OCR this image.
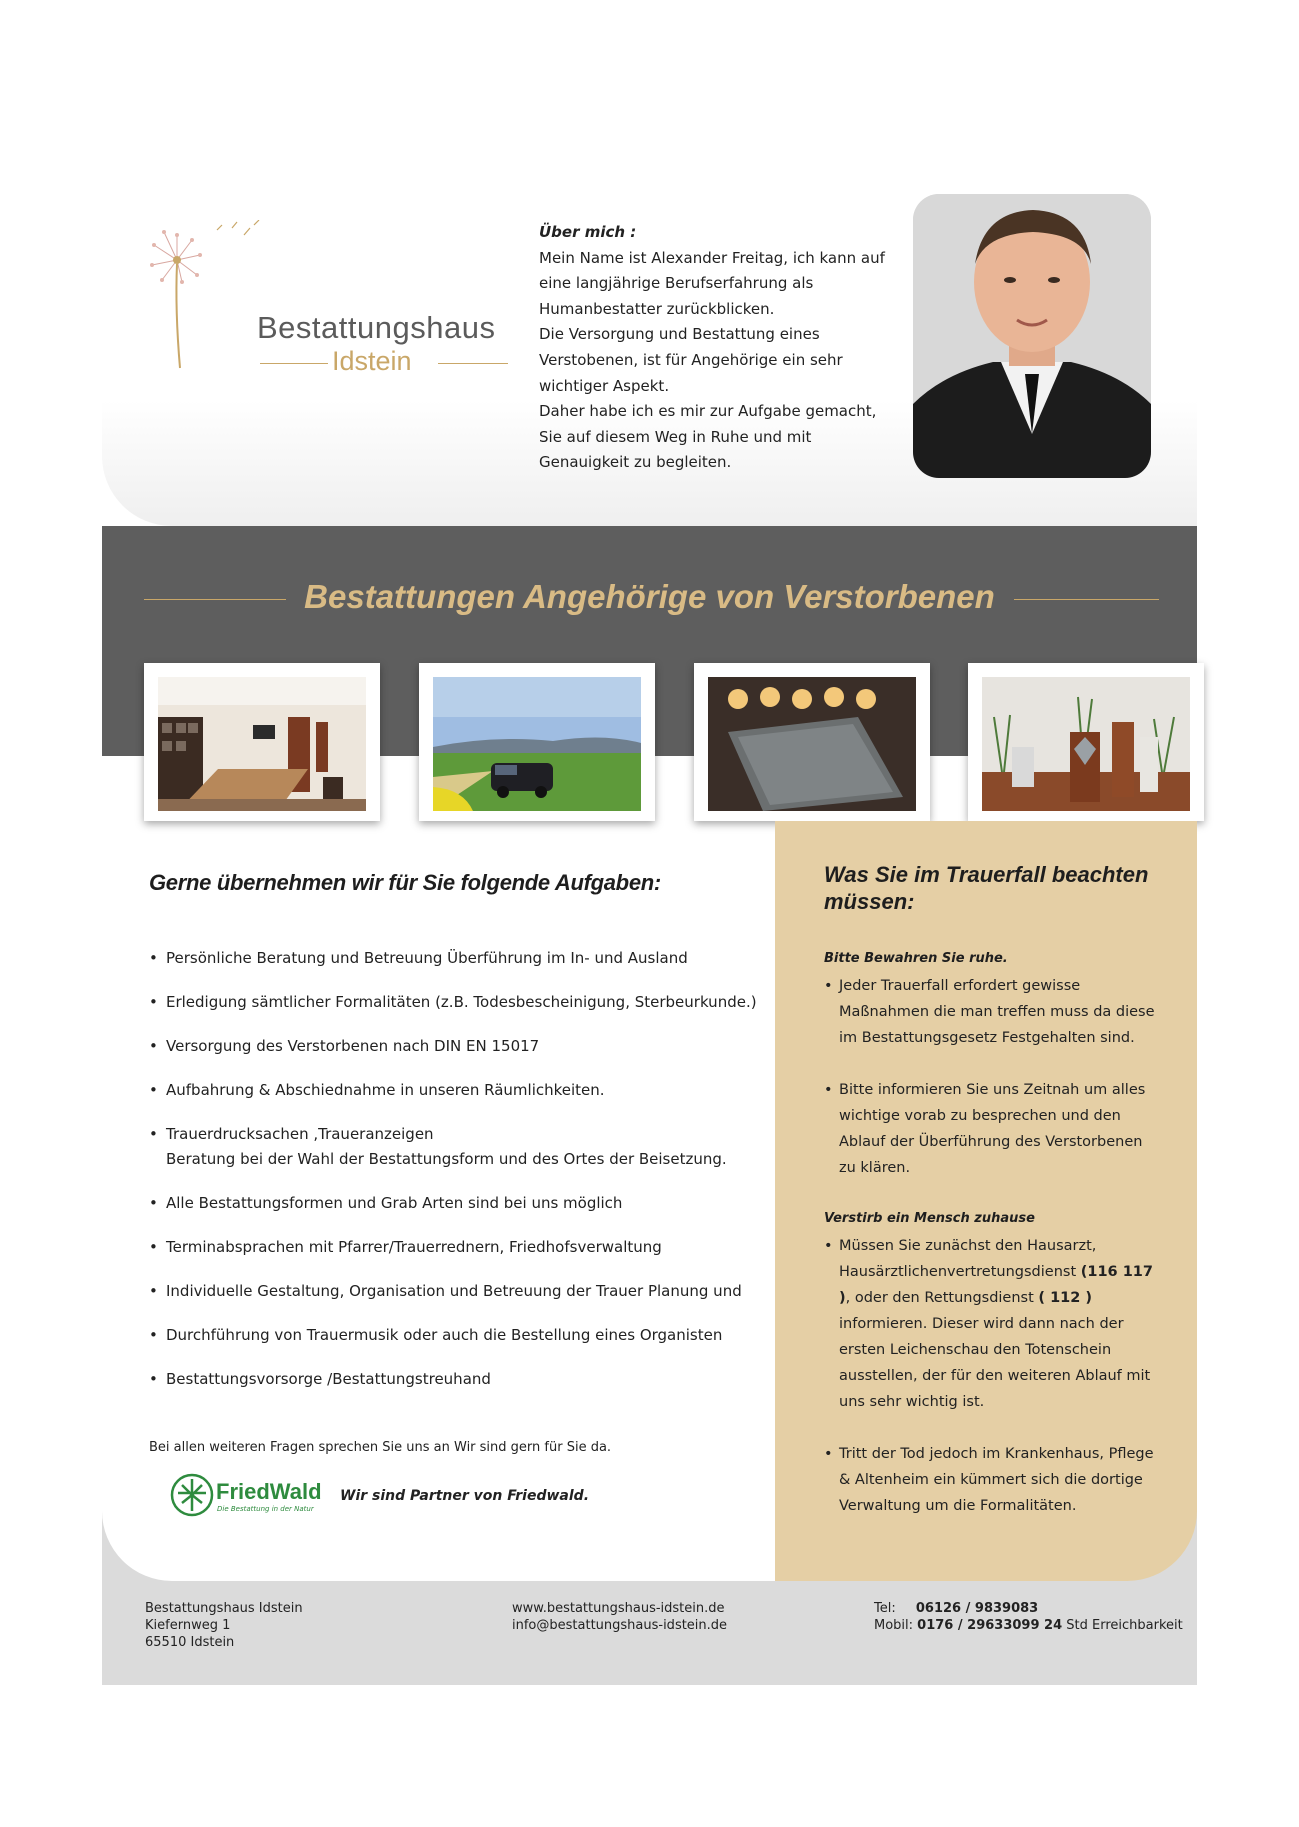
Bestattungshaus
Idstein

Über mich :

Mein Name ist Alexander Freitag, ich kann auf eine langjährige Berufserfahrung als Humanbestatter zurückblicken.

Die Versorgung und Bestattung eines Verstobenen, ist für Angehörige ein sehr wichtiger Aspekt.

Daher habe ich es mir zur Aufgabe gemacht, Sie auf diesem Weg in Ruhe und mit Genauigkeit zu begleiten.

Bestattungen Angehörige von Verstorbenen
Was Sie im Trauerfall beachten müssen:
Bitte Bewahren Sie ruhe.
• Jeder Trauerfall erfordert gewisse Maßnahmen die man treffen muss da diese im Bestattungsgesetz Festgehalten sind.
• Bitte informieren Sie uns Zeitnah um alles wichtige vorab zu besprechen und den Ablauf der Überführung des Verstorbenen zu klären.
Verstirb ein Mensch zuhause
• Müssen Sie zunächst den Hausarzt, Hausärztlichenvertretungsdienst (116 117 ), oder den Rettungsdienst ( 112 ) informieren. Dieser wird dann nach der ersten Leichenschau den Totenschein ausstellen, der für den weiteren Ablauf mit uns sehr wichtig ist.
• Tritt der Tod jedoch im Krankenhaus, Pflege & Altenheim ein kümmert sich die dortige Verwaltung um die Formalitäten.
Gerne übernehmen wir für Sie folgende Aufgaben:
• Persönliche Beratung und Betreuung Überführung im In- und Ausland
• Erledigung sämtlicher Formalitäten (z.B. Todesbescheinigung, Sterbeurkunde.)
• Versorgung des Verstorbenen nach DIN EN 15017
• Aufbahrung & Abschiednahme in unseren Räumlichkeiten.
• Trauerdrucksachen ,Traueranzeigen
Beratung bei der Wahl der Bestattungsform und des Ortes der Beisetzung.
• Alle Bestattungsformen und Grab Arten sind bei uns möglich
• Terminabsprachen mit Pfarrer/Trauerrednern, Friedhofsverwaltung
• Individuelle Gestaltung, Organisation und Betreuung der Trauer Planung und
• Durchführung von Trauermusik oder auch die Bestellung eines Organisten
• Bestattungsvorsorge /Bestattungstreuhand
Bei allen weiteren Fragen sprechen Sie uns an Wir sind gern für Sie da.
FriedWald
Die Bestattung in der Natur
Wir sind Partner von Friedwald.
Bestattungshaus Idstein
Kiefernweg 1
65510 Idstein
www.bestattungshaus-idstein.de
info@bestattungshaus-idstein.de
Tel: 06126 / 9839083
Mobil: 0176 / 29633099 24 Std Erreichbarkeit
